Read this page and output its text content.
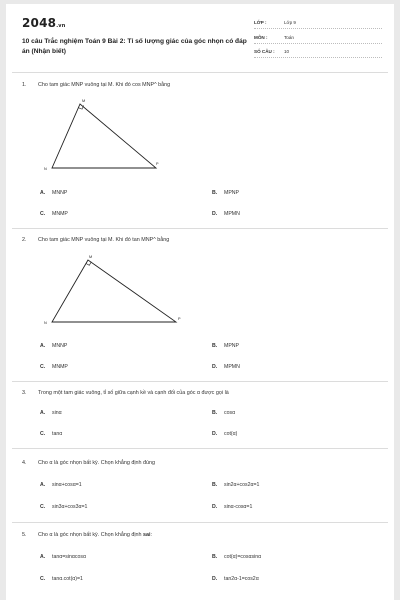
2048.vn
10 câu Trắc nghiệm Toán 9 Bài 2: Tỉ số lượng giác của góc nhọn có đáp án (Nhận biết)
LỚP :	Lớp 9
MÔN :	Toán
SỐ CÂU : 10
1. Cho tam giác MNP vuông tại M. Khi đó cos MNP^ bằng
M
N
P
A. MNNP	B. MPNP
C. MNMP	D. MPMN
2. Cho tam giác MNP vuông tại M. Khi đó tan MNP^ bằng
M
N
P
A. MNNP	B. MPNP
C. MNMP	D. MPMN
3. Trong một tam giác vuông, tỉ số giữa cạnh kề và cạnh đối của góc α được gọi là
A. sinα	B. cosα
C. tanα	D. cot(α)
4. Cho α là góc nhọn bất kỳ. Chọn khẳng định đúng
A. sinα+cosα=1	B. sin2α+cos2α=1
C. sin3α+cos3α=1	D. sinα-cosα=1
5. Cho α là góc nhọn bất kỳ. Chọn khẳng định sai:
A. tanα=sinαcosα	B. cot(α)=cosαsinα
C. tanα.cot(α)=1	D. tan2α-1=cos2α
